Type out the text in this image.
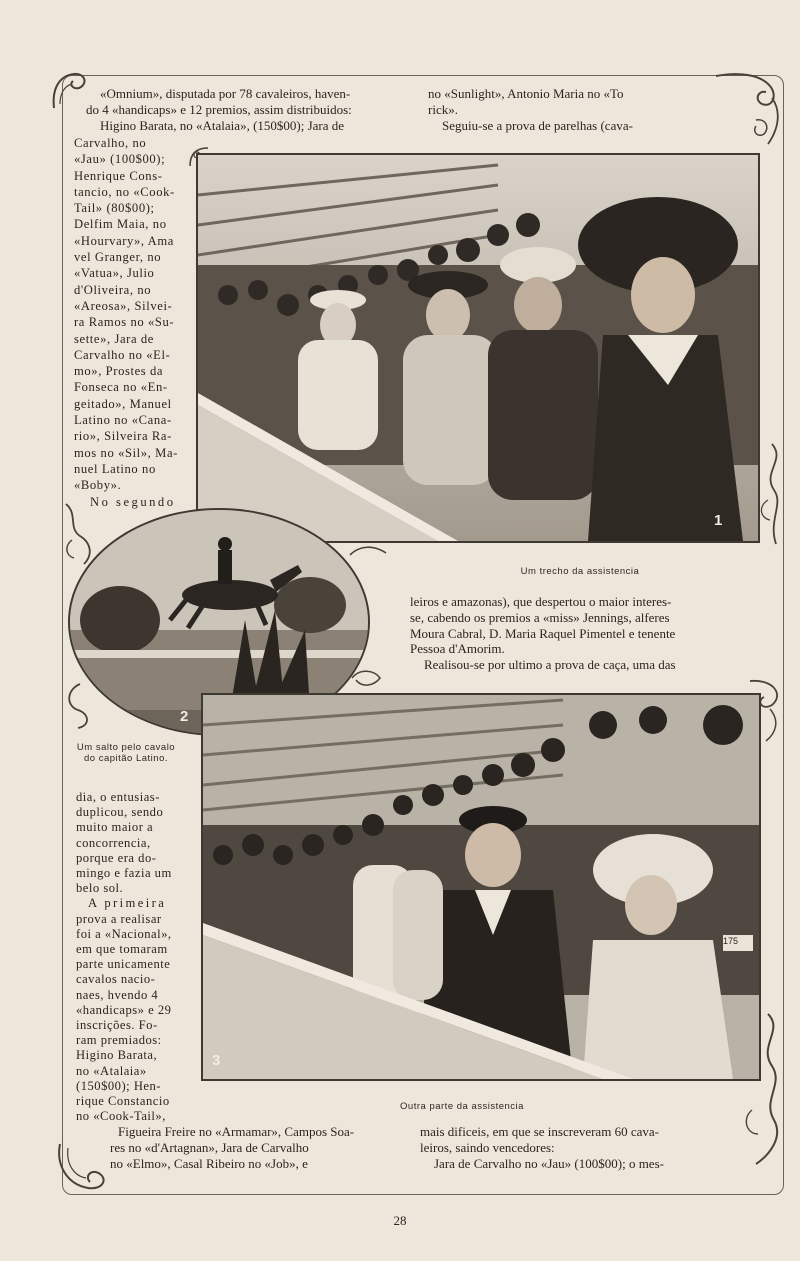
«Omnium», disputada por 78 cavaleiros, haven-

do 4 «handicaps» e 12 premios, assim distribuidos:

Higino Barata, no «Atalaia», (150$00); Jara de

Carvalho, no

«Jau» (100$00);

Henrique Cons-

tancio, no «Cook-

Tail» (80$00);

Delfim Maia, no

«Hourvary», Ama

vel Granger, no

«Vatua», Julio

d'Oliveira, no

«Areosa», Silvei-

ra Ramos no «Su-

sette», Jara de

Carvalho no «El-

mo», Prostes da

Fonseca no «En-

geitado», Manuel

Latino no «Cana-

rio», Silveira Ra-

mos no «Sil», Ma-

nuel Latino no

«Boby».

No segundo

no «Sunlight», Antonio Maria no «To

rick».

Seguiu-se a prova de parelhas (cava-

1
Um trecho da assistencia
2
Um salto pelo cavalo do capitão Latino.

leiros e amazonas), que despertou o maior interes-

se, cabendo os premios a «miss» Jennings, alferes

Moura Cabral, D. Maria Raquel Pimentel e tenente

Pessoa d'Amorim.

Realisou-se por ultimo a prova de caça, uma das

3
175
Outra parte da assistencia

dia, o entusias-

duplicou, sendo

muito maior a

concorrencia,

porque era do-

mingo e fazia um

belo sol.

A primeira

prova a realisar

foi a «Nacional»,

em que tomaram

parte unicamente

cavalos nacio-

naes, hvendo 4

«handicaps» e 29

inscrições. Fo-

ram premiados:

Higino Barata,

no «Atalaia»

(150$00); Hen-

rique Constancio

no «Cook-Tail»,

Figueira Freire no «Armamar», Campos Soa-

res no «d'Artagnan», Jara de Carvalho

no «Elmo», Casal Ribeiro no «Job», e

mais dificeis, em que se inscreveram 60 cava-

leiros, saindo vencedores:

Jara de Carvalho no «Jau» (100$00); o mes-

28
